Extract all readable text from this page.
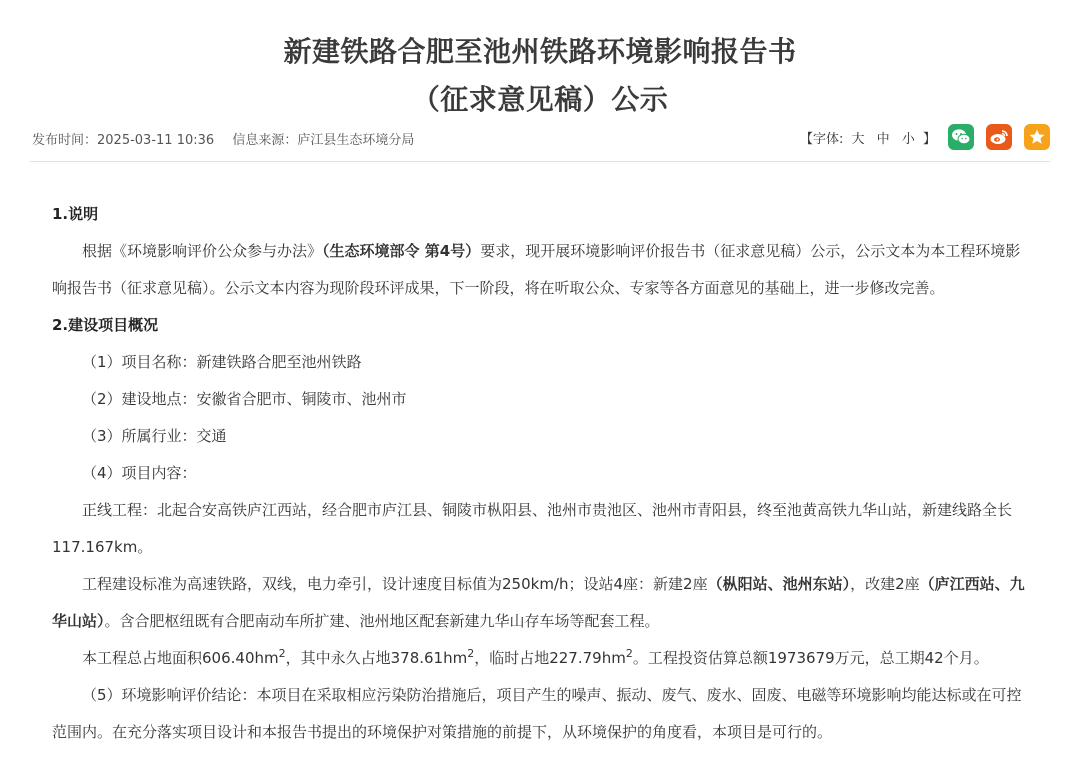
新建铁路合肥至池州铁路环境影响报告书
（征求意见稿）公示
发布时间：2025-03-11 10:36 信息来源：庐江县生态环境分局	【字体: 大 中 小 】

1.说明

根据《环境影响评价公众参与办法》（生态环境部令 第4号）要求，现开展环境影响评价报告书（征求意见稿）公示，公示文本为本工程环境影响报告书（征求意见稿）。公示文本内容为现阶段环评成果，下一阶段，将在听取公众、专家等各方面意见的基础上，进一步修改完善。

2.建设项目概况

（1）项目名称：新建铁路合肥至池州铁路

（2）建设地点：安徽省合肥市、铜陵市、池州市

（3）所属行业：交通

（4）项目内容：

正线工程：北起合安高铁庐江西站，经合肥市庐江县、铜陵市枞阳县、池州市贵池区、池州市青阳县，终至池黄高铁九华山站，新建线路全长117.167km。

工程建设标准为高速铁路，双线，电力牵引，设计速度目标值为250km/h；设站4座：新建2座（枞阳站、池州东站），改建2座（庐江西站、九华山站）。含合肥枢纽既有合肥南动车所扩建、池州地区配套新建九华山存车场等配套工程。

本工程总占地面积$606.40hm^2$，其中永久占地$378.61hm^2$，临时占地$227.79hm^2$。工程投资估算总额1973679万元，总工期42个月。

（5）环境影响评价结论：本项目在采取相应污染防治措施后，项目产生的噪声、振动、废气、废水、固废、电磁等环境影响均能达标或在可控范围内。在充分落实项目设计和本报告书提出的环境保护对策措施的前提下，从环境保护的角度看，本项目是可行的。
